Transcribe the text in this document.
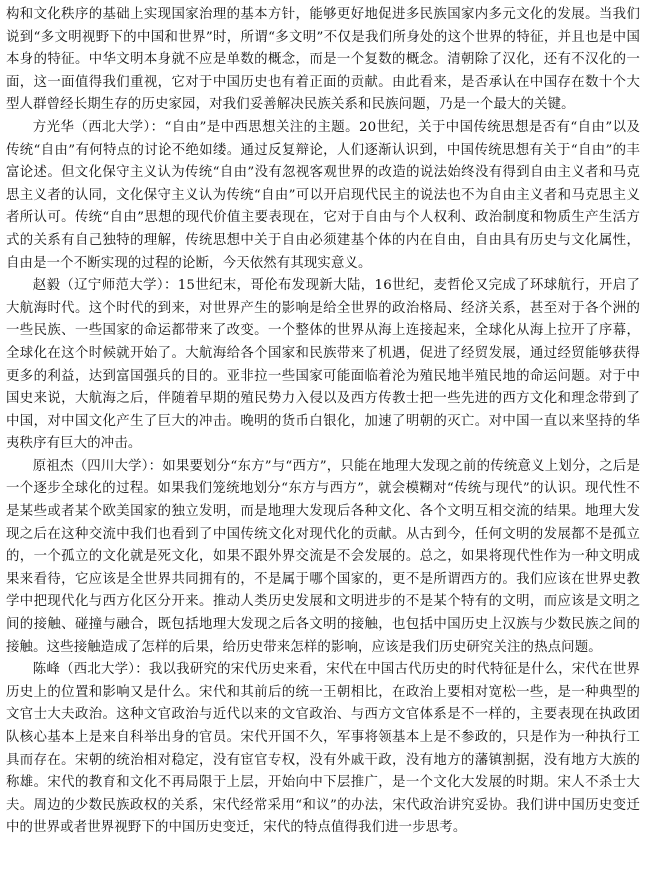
构和文化秩序的基础上实现国家治理的基本方针，能够更好地促进多民族国家内多元文化的发展。当我们说到“多文明视野下的中国和世界”时，所谓“多文明”不仅是我们所身处的这个世界的特征，并且也是中国本身的特征。中华文明本身就不应是单数的概念，而是一个复数的概念。清朝除了汉化，还有不汉化的一面，这一面值得我们重视，它对于中国历史也有着正面的贡献。由此看来，是否承认在中国存在数十个大型人群曾经长期生存的历史家园，对我们妥善解决民族关系和民族问题，乃是一个最大的关键。

方光华（西北大学）：“自由”是中西思想关注的主题。20世纪，关于中国传统思想是否有“自由”以及传统“自由”有何特点的讨论不绝如缕。通过反复辩论，人们逐渐认识到，中国传统思想有关于“自由”的丰富论述。但文化保守主义认为传统“自由”没有忽视客观世界的改造的说法始终没有得到自由主义者和马克思主义者的认同，文化保守主义认为传统“自由”可以开启现代民主的说法也不为自由主义者和马克思主义者所认可。传统“自由”思想的现代价值主要表现在，它对于自由与个人权利、政治制度和物质生产生活方式的关系有自己独特的理解，传统思想中关于自由必须建基个体的内在自由，自由具有历史与文化属性，自由是一个不断实现的过程的论断，今天依然有其现实意义。

赵毅（辽宁师范大学）：15世纪末，哥伦布发现新大陆，16世纪，麦哲伦又完成了环球航行，开启了大航海时代。这个时代的到来，对世界产生的影响是给全世界的政治格局、经济关系，甚至对于各个洲的一些民族、一些国家的命运都带来了改变。一个整体的世界从海上连接起来，全球化从海上拉开了序幕，全球化在这个时候就开始了。大航海给各个国家和民族带来了机遇，促进了经贸发展，通过经贸能够获得更多的利益，达到富国强兵的目的。亚非拉一些国家可能面临着沦为殖民地半殖民地的命运问题。对于中国史来说，大航海之后，伴随着早期的殖民势力入侵以及西方传教士把一些先进的西方文化和理念带到了中国，对中国文化产生了巨大的冲击。晚明的货币白银化，加速了明朝的灭亡。对中国一直以来坚持的华夷秩序有巨大的冲击。

原祖杰（四川大学）：如果要划分“东方”与“西方”，只能在地理大发现之前的传统意义上划分，之后是一个逐步全球化的过程。如果我们笼统地划分“东方与西方”，就会模糊对“传统与现代”的认识。现代性不是某些或者某个欧美国家的独立发明，而是地理大发现后各种文化、各个文明互相交流的结果。地理大发现之后在这种交流中我们也看到了中国传统文化对现代化的贡献。从古到今，任何文明的发展都不是孤立的，一个孤立的文化就是死文化，如果不跟外界交流是不会发展的。总之，如果将现代性作为一种文明成果来看待，它应该是全世界共同拥有的，不是属于哪个国家的，更不是所谓西方的。我们应该在世界史教学中把现代化与西方化区分开来。推动人类历史发展和文明进步的不是某个特有的文明，而应该是文明之间的接触、碰撞与融合，既包括地理大发现之后各文明的接触，也包括中国历史上汉族与少数民族之间的接触。这些接触造成了怎样的后果，给历史带来怎样的影响，应该是我们历史研究关注的热点问题。

陈峰（西北大学）：我以我研究的宋代历史来看，宋代在中国古代历史的时代特征是什么，宋代在世界历史上的位置和影响又是什么。宋代和其前后的统一王朝相比，在政治上要相对宽松一些，是一种典型的文官士大夫政治。这种文官政治与近代以来的文官政治、与西方文官体系是不一样的，主要表现在执政团队核心基本上是来自科举出身的官员。宋代开国不久，军事将领基本上是不参政的，只是作为一种执行工具而存在。宋朝的统治相对稳定，没有宦官专权，没有外戚干政，没有地方的藩镇割据，没有地方大族的称雄。宋代的教育和文化不再局限于上层，开始向中下层推广，是一个文化大发展的时期。宋人不杀士大夫。周边的少数民族政权的关系，宋代经常采用“和议”的办法，宋代政治讲究妥协。我们讲中国历史变迁中的世界或者世界视野下的中国历史变迁，宋代的特点值得我们进一步思考。
